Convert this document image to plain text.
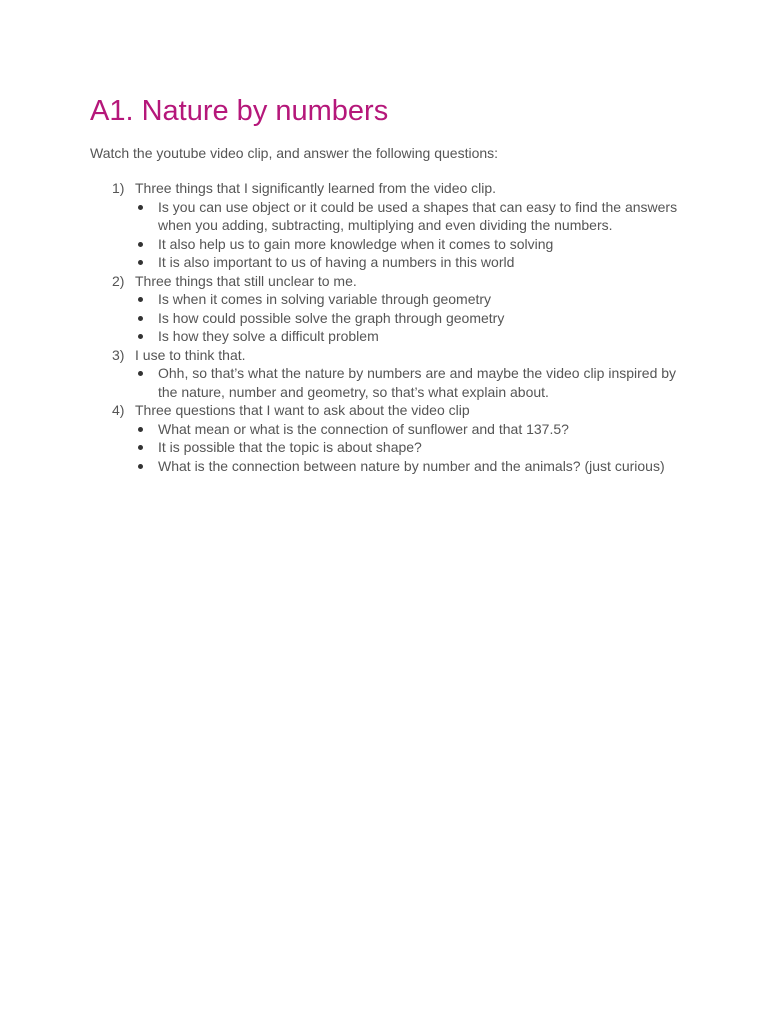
A1. Nature by numbers

Watch the youtube video clip, and answer the following questions:

1) Three things that I significantly learned from the video clip.
Is you can use object or it could be used a shapes that can easy to find the answers when you adding, subtracting, multiplying and even dividing the numbers.
It also help us to gain more knowledge when it comes to solving
It is also important to us of having a numbers in this world
2) Three things that still unclear to me.
Is when it comes in solving variable through geometry
Is how could possible solve the graph through geometry
Is how they solve a difficult problem
3) I use to think that.
Ohh, so that’s what the nature by numbers are and maybe the video clip inspired by the nature, number and geometry, so that’s what explain about.
4) Three questions that I want to ask about the video clip
What mean or what is the connection of sunflower and that 137.5?
It is possible that the topic is about shape?
What is the connection between nature by number and the animals? (just curious)
